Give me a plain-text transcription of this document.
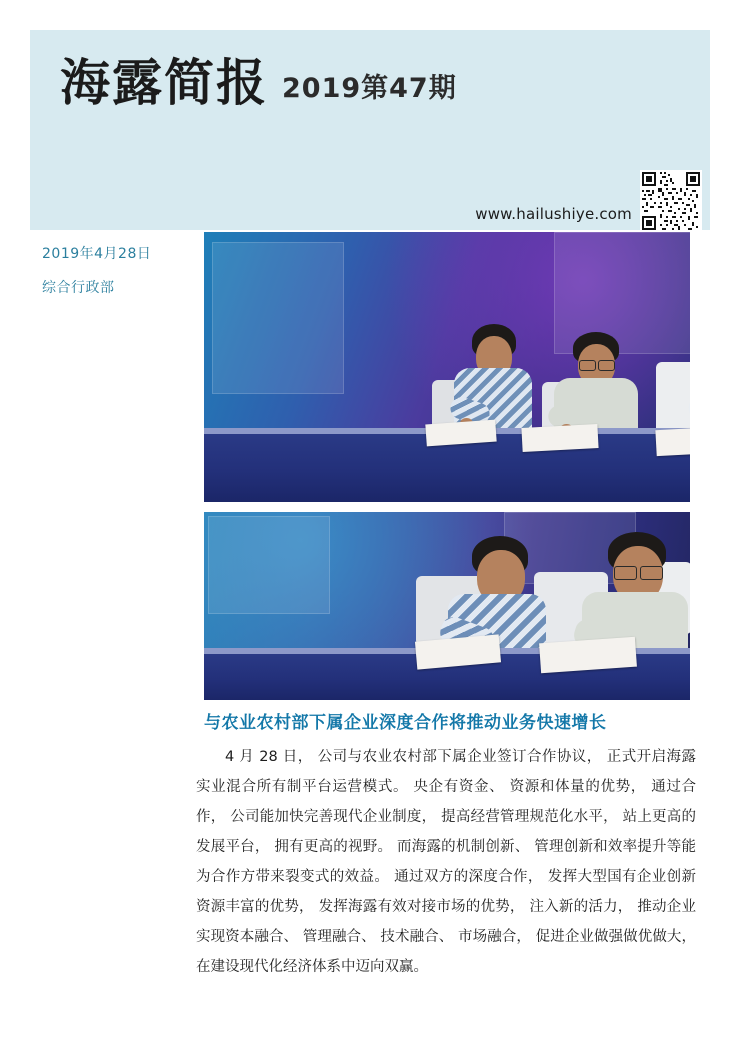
海露简报 2019第47期
www.hailushiye.com
2019年4月28日
综合行政部
与农业农村部下属企业深度合作将推动业务快速增长
4 月 28 日， 公司与农业农村部下属企业签订合作协议， 正式开启海露实业混合所有制平台运营模式。 央企有资金、 资源和体量的优势， 通过合作， 公司能加快完善现代企业制度， 提高经营管理规范化水平， 站上更高的发展平台， 拥有更高的视野。 而海露的机制创新、 管理创新和效率提升等能为合作方带来裂变式的效益。 通过双方的深度合作， 发挥大型国有企业创新资源丰富的优势， 发挥海露有效对接市场的优势， 注入新的活力， 推动企业实现资本融合、 管理融合、 技术融合、 市场融合， 促进企业做强做优做大， 在建设现代化经济体系中迈向双赢。
